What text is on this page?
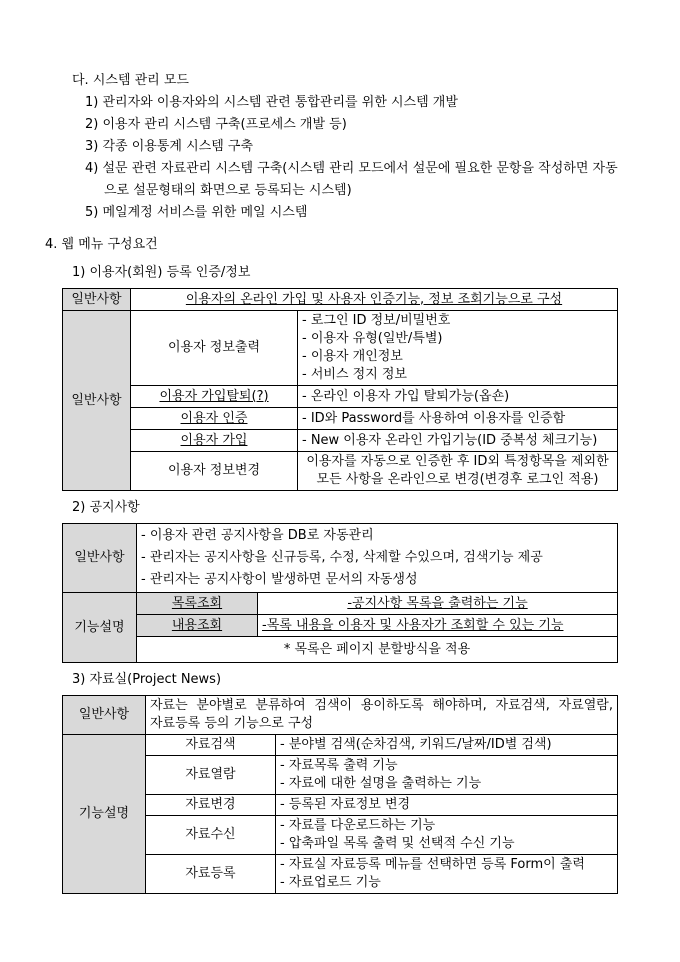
다. 시스템 관리 모드
1) 관리자와 이용자와의 시스템 관련 통합관리를 위한 시스템 개발
2) 이용자 관리 시스템 구축(프로세스 개발 등)
3) 각종 이용통계 시스템 구축
4) 설문 관련 자료관리 시스템 구축(시스템 관리 모드에서 설문에 필요한 문항을 작성하면 자동으로 설문형태의 화면으로 등록되는 시스템)
5) 메일계정 서비스를 위한 메일 시스템
4. 웹 메뉴 구성요건
1) 이용자(회원) 등록 인증/정보
일반사항	이용자의 온라인 가입 및 사용자 인증기능, 정보 조회기능으로 구성	
일반사항	이용자 정보출력	- 로그인 ID 정보/비밀번호
- 이용자 유형(일반/특별)
- 이용자 개인정보
- 서비스 정지 정보

	이용자 가입탈퇴(?)	- 온라인 이용자 가입 탈퇴가능(옵숀)
	이용자 인증	- ID와 Password를 사용하여 이용자를 인증함
	이용자 가입	- New 이용자 온라인 가입기능(ID 중복성 체크기능)
	이용자 정보변경	이용자를 자동으로 인증한 후 ID외 특정항목을 제외한
모든 사항을 온라인으로 변경(변경후 로그인 적용)
2) 공지사항
일반사항	- 이용자 관련 공지사항을 DB로 자동관리
- 관리자는 공지사항을 신규등록, 수정, 삭제할 수있으며, 검색기능 제공
- 관리자는 공지사항이 발생하면 문서의 자동생성	

기능설명	목록조회	-공지사항 목록을 출력하는 기능
	내용조회	-목록 내용을 이용자 및 사용자가 조회할 수 있는 기능
	* 목록은 페이지 분할방식을 적용	
3) 자료실(Project News)
일반사항	자료는 분야별로 분류하여 검색이 용이하도록 해야하며, 자료검색, 자료열람, 자료등록 등의 기능으로 구성	
기능설명	자료검색	- 분야별 검색(순차검색, 키워드/날짜/ID별 검색)
	자료열람	- 자료목록 출력 기능
- 자료에 대한 설명을 출력하는 기능

	자료변경	- 등록된 자료정보 변경
	자료수신	- 자료를 다운로드하는 기능
- 압축파일 목록 출력 및 선택적 수신 기능

	자료등록	- 자료실 자료등록 메뉴를 선택하면 등록 Form이 출력
- 자료업로드 기능
